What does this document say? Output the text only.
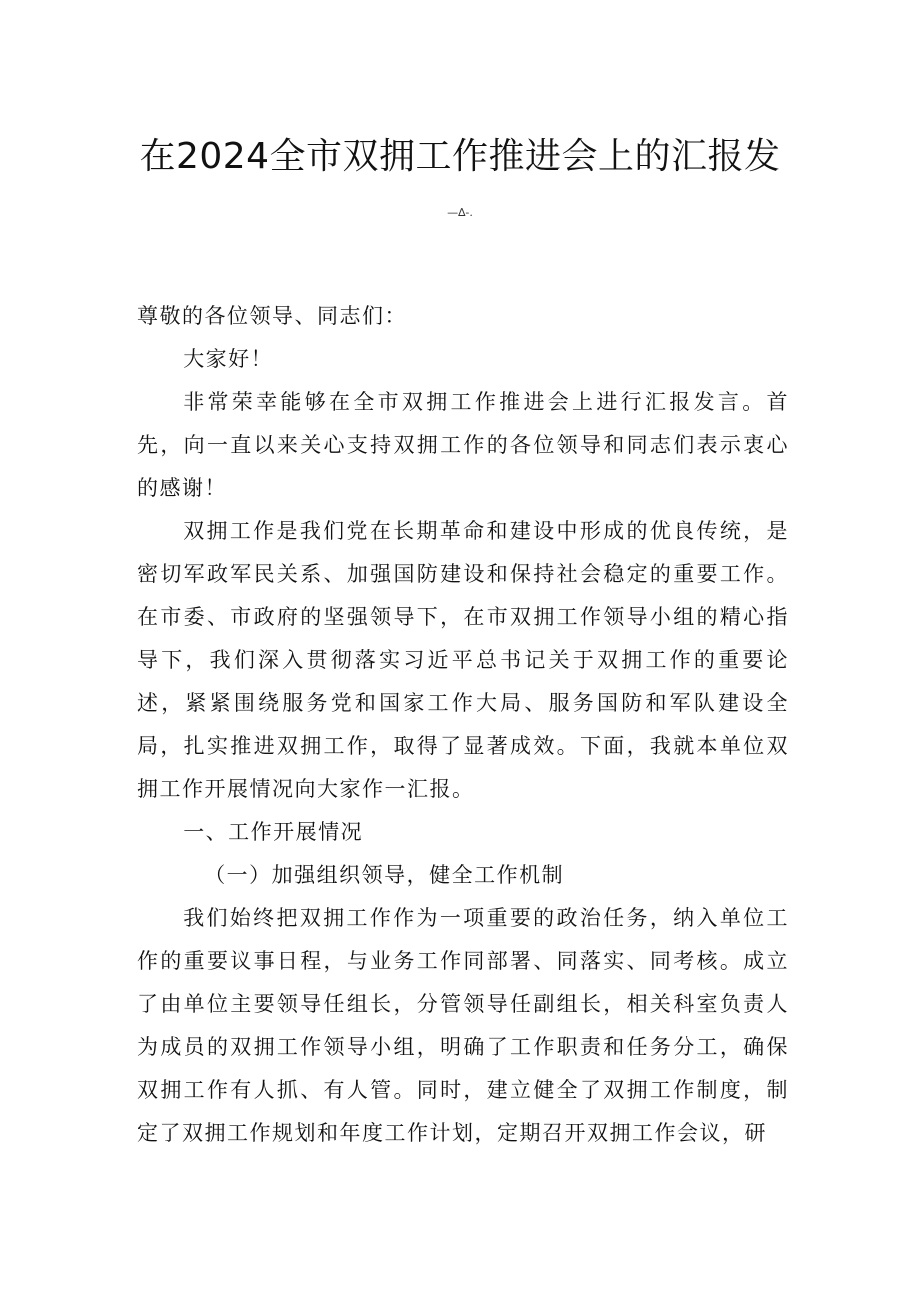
在2024全市双拥工作推进会上的汇报发
—∆-.

尊敬的各位领导、同志们：

大家好！

非常荣幸能够在全市双拥工作推进会上进行汇报发言。首先，向一直以来关心支持双拥工作的各位领导和同志们表示衷心的感谢！

双拥工作是我们党在长期革命和建设中形成的优良传统，是密切军政军民关系、加强国防建设和保持社会稳定的重要工作。在市委、市政府的坚强领导下，在市双拥工作领导小组的精心指导下，我们深入贯彻落实习近平总书记关于双拥工作的重要论述，紧紧围绕服务党和国家工作大局、服务国防和军队建设全局，扎实推进双拥工作，取得了显著成效。下面，我就本单位双拥工作开展情况向大家作一汇报。

一、工作开展情况

（一）加强组织领导，健全工作机制

我们始终把双拥工作作为一项重要的政治任务，纳入单位工作的重要议事日程，与业务工作同部署、同落实、同考核。成立了由单位主要领导任组长，分管领导任副组长，相关科室负责人为成员的双拥工作领导小组，明确了工作职责和任务分工，确保双拥工作有人抓、有人管。同时，建立健全了双拥工作制度，制定了双拥工作规划和年度工作计划，定期召开双拥工作会议，研
